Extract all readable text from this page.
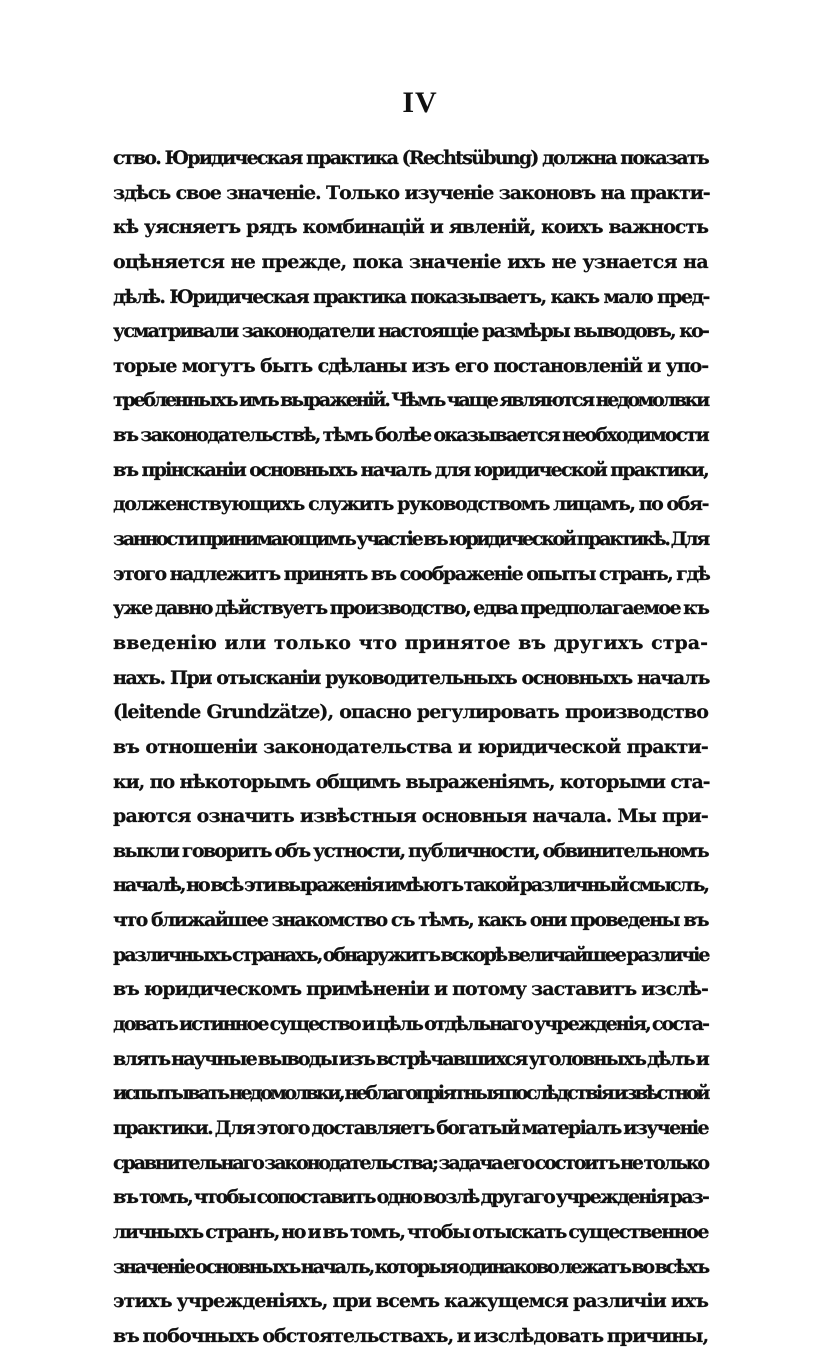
IV
ство. Юридическая практика (Rechtsübung) должна показать
здѣсь свое значеніе. Только изученіе законовъ на практи-
кѣ уясняетъ рядъ комбинацій и явленій, коихъ важность
оцѣняется не прежде, пока значеніе ихъ не узнается на
дѣлѣ. Юридическая практика показываетъ, какъ мало пред-
усматривали законодатели настоящіе размѣры выводовъ, ко-
торые могутъ быть сдѣланы изъ его постановленій и упо-
требленныхъ имъ выраженій. Чѣмъ чаще являются недомолвки
въ законодательствѣ, тѣмъ болѣе оказывается необходимости
въ прінсканіи основныхъ началъ для юридической практики,
долженствующихъ служить руководствомъ лицамъ, по обя-
занности принимающимъ участіе въ юридической практикѣ. Для
этого надлежитъ принять въ соображеніе опыты странъ, гдѣ
уже давно дѣйствуетъ производство, едва предполагаемое къ
введенію или только что принятое въ другихъ стра-
нахъ. При отысканіи руководительныхъ основныхъ началъ
(leitende Grundzätze), опасно регулировать производство
въ отношеніи законодательства и юридической практи-
ки, по нѣкоторымъ общимъ выраженіямъ, которыми ста-
раются означить извѣстныя основныя начала. Мы при-
выкли говорить объ устности, публичности, обвинительномъ
началѣ, но всѣ эти выраженія имѣютъ такой различный смыслъ,
что ближайшее знакомство съ тѣмъ, какъ они проведены въ
различныхъ странахъ, обнаружитъ вскорѣ величайшее различіе
въ юридическомъ примѣненіи и потому заставитъ изслѣ-
довать истинное существо и цѣль отдѣльнаго учрежденія, соста-
влять научные выводы изъ встрѣчавшихся уголовныхъ дѣлъ и
испытывать недомолвки, неблагопріятныя послѣдствія извѣстной
практики. Для этого доставляетъ богатый матеріалъ изученіе
сравнительнаго законодательства; задача его состоитъ не только
въ томъ, чтобы сопоставить одно возлѣ другаго учрежденія раз-
личныхъ странъ, но и въ томъ, чтобы отыскать существенное
значеніе основныхъ началъ, которыя одинаково лежатъ во всѣхъ
этихъ учрежденіяхъ, при всемъ кажущемся различіи ихъ
въ побочныхъ обстоятельствахъ, и изслѣдовать причины,
